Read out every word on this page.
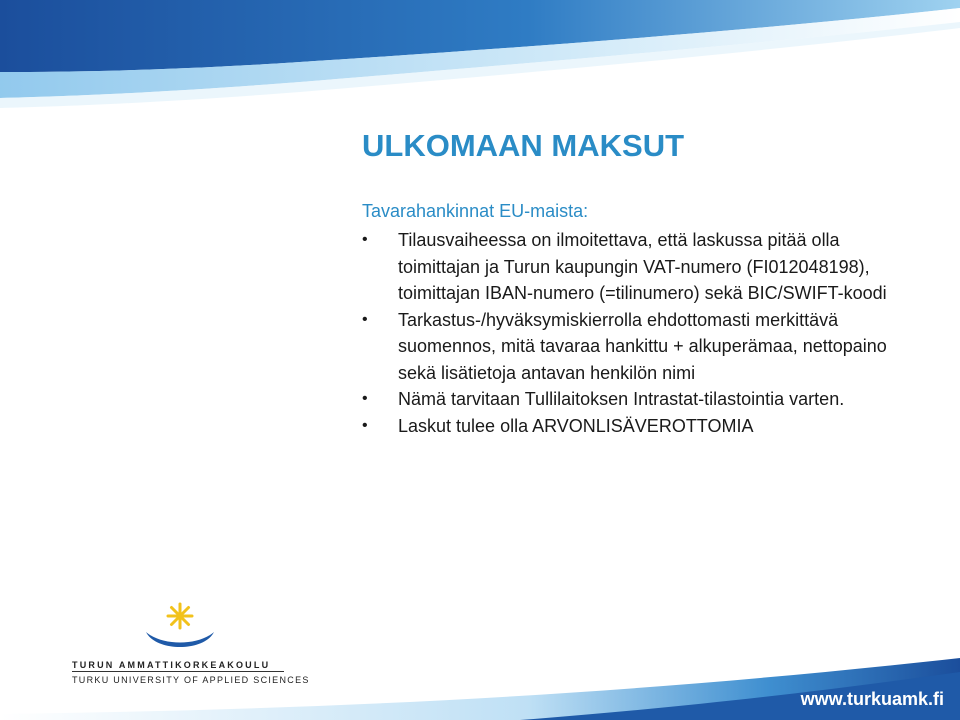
ULKOMAAN MAKSUT
Tavarahankinnat EU-maista:
• Tilausvaiheessa on ilmoitettava, että laskussa pitää olla toimittajan ja Turun kaupungin VAT-numero (FI012048198), toimittajan IBAN-numero (=tilinumero) sekä BIC/SWIFT-koodi
• Tarkastus-/hyväksymiskierrolla ehdottomasti merkittävä suomennos, mitä tavaraa hankittu + alkuperämaa, nettopaino sekä lisätietoja antavan henkilön nimi
• Nämä tarvitaan Tullilaitoksen Intrastat-tilastointia varten.
• Laskut tulee olla ARVONLISÄVEROTTOMIA
TURUN AMMATTIKORKEAKOULU
TURKU UNIVERSITY OF APPLIED SCIENCES
www.turkuamk.fi
